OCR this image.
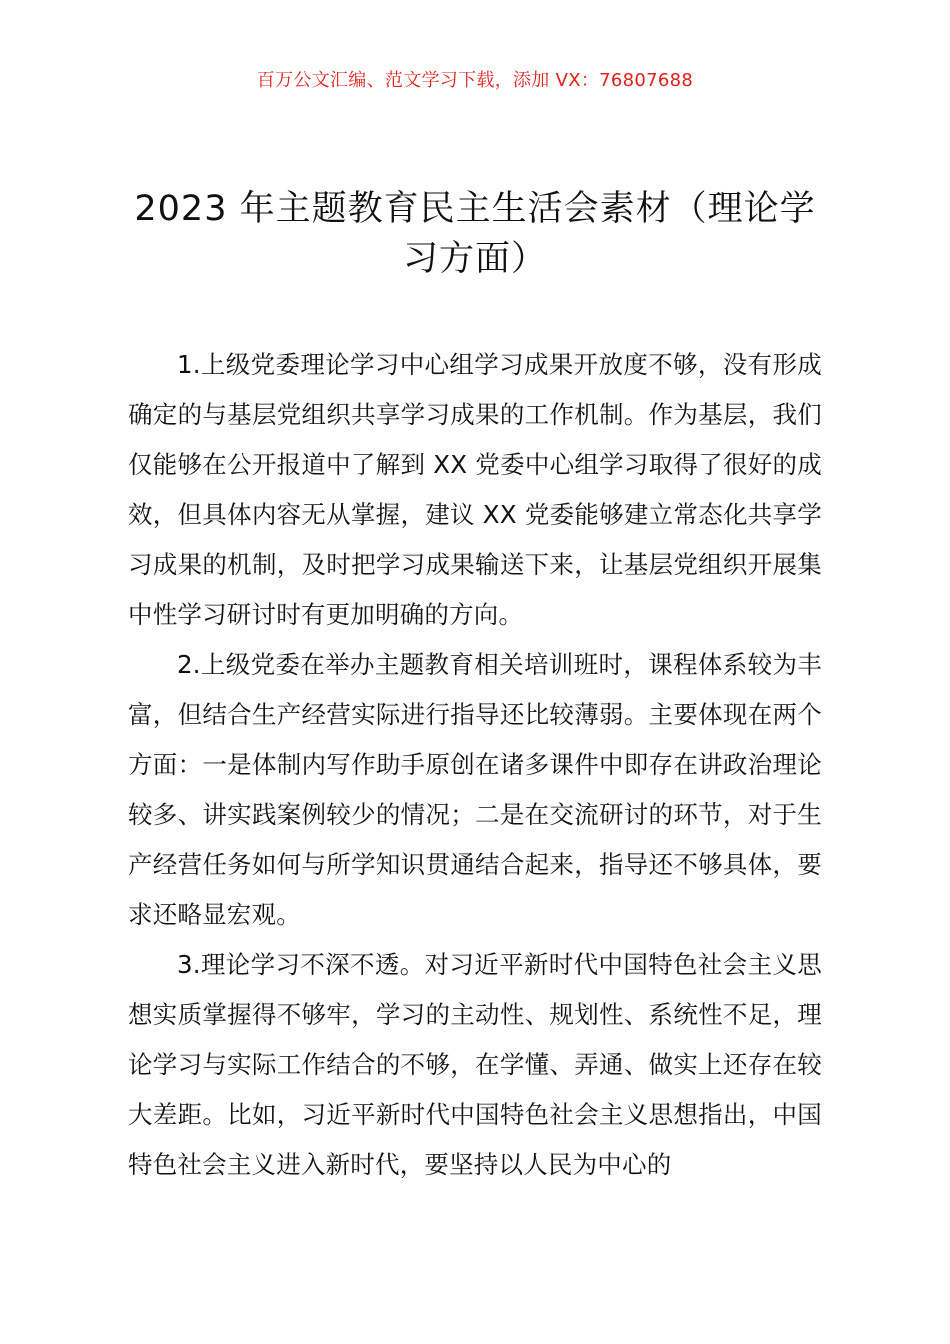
百万公文汇编、范文学习下载，添加 VX：76807688
2023 年主题教育民主生活会素材（理论学习方面）

1.上级党委理论学习中心组学习成果开放度不够，没有形成确定的与基层党组织共享学习成果的工作机制。作为基层，我们仅能够在公开报道中了解到 XX 党委中心组学习取得了很好的成效，但具体内容无从掌握，建议 XX 党委能够建立常态化共享学习成果的机制，及时把学习成果输送下来，让基层党组织开展集中性学习研讨时有更加明确的方向。

2.上级党委在举办主题教育相关培训班时，课程体系较为丰富，但结合生产经营实际进行指导还比较薄弱。主要体现在两个方面：一是体制内写作助手原创在诸多课件中即存在讲政治理论较多、讲实践案例较少的情况；二是在交流研讨的环节，对于生产经营任务如何与所学知识贯通结合起来，指导还不够具体，要求还略显宏观。

3.理论学习不深不透。对习近平新时代中国特色社会主义思想实质掌握得不够牢，学习的主动性、规划性、系统性不足，理论学习与实际工作结合的不够，在学懂、弄通、做实上还存在较大差距。比如，习近平新时代中国特色社会主义思想指出，中国特色社会主义进入新时代，要坚持以人民为中心的
